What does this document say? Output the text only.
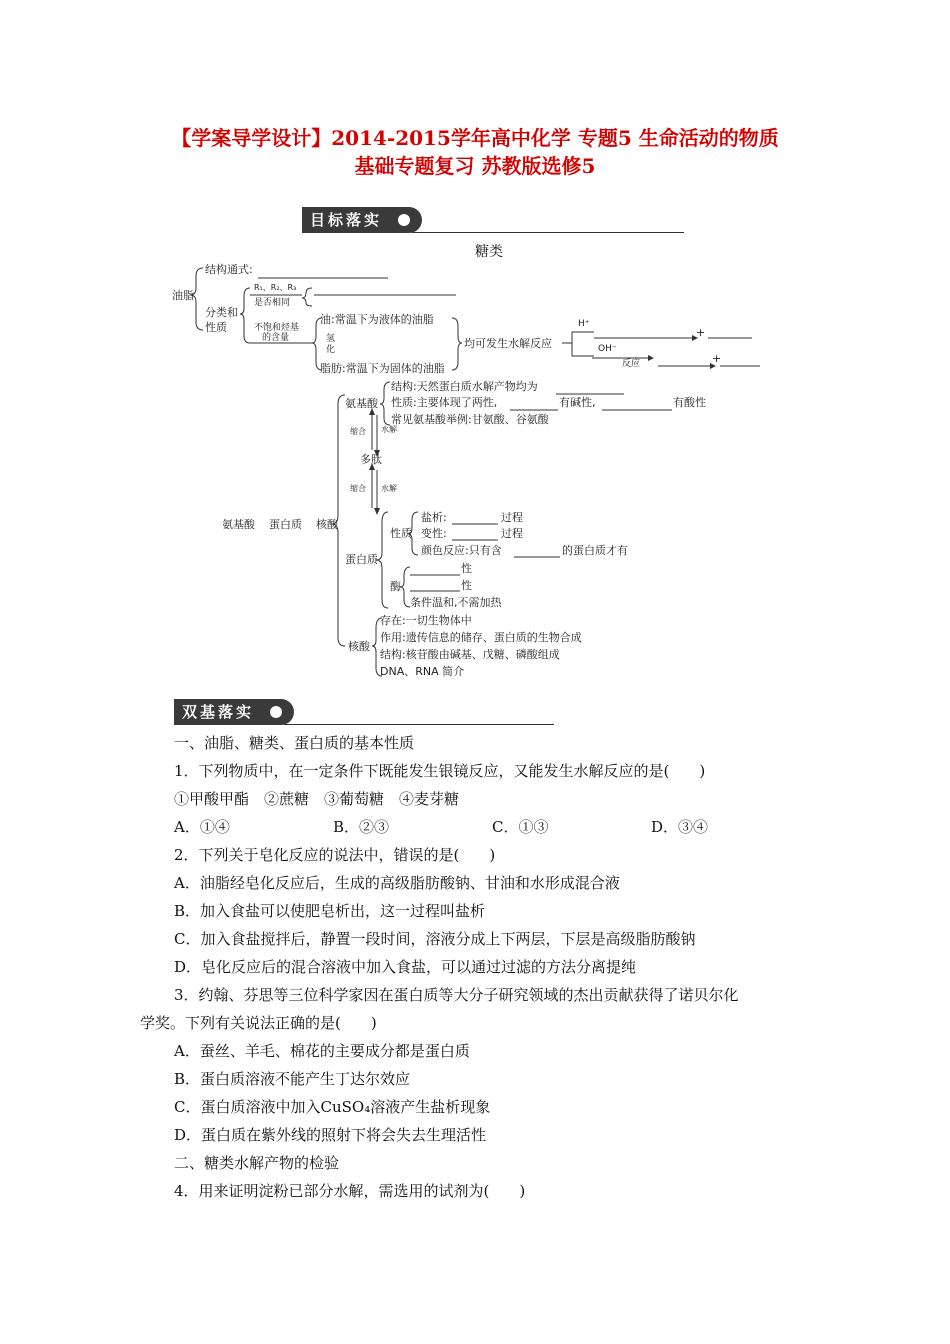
【学案导学设计】2014-2015学年高中化学 专题5 生命活动的物质
基础专题复习 苏教版选修5
目标落实
糖类
油脂
结构通式:
分类和
性质
R₁、R₂、R₃
是否相同
不饱和烃基
的含量
油:常温下为液体的油脂
氢
化
脂肪:常温下为固体的油脂
均可发生水解反应
H⁺
OH⁻
反应
+
+
氨基酸
结构:天然蛋白质水解产物均为
性质:主要体现了两性,	有碱性,	有酸性
常见氨基酸举例:甘氨酸、谷氨酸
缩合 水解
多肽
缩合 水解
氨基酸 蛋白质 核酸
蛋白质
性质
盐析:	过程
变性:	过程
颜色反应:只有含	的蛋白质才有
酶
性
性
条件温和,不需加热
核酸
存在:一切生物体中
作用:遗传信息的储存、蛋白质的生物合成
结构:核苷酸由碱基、戊糖、磷酸组成
DNA、RNA 简介
双基落实
一、油脂、糖类、蛋白质的基本性质
1．下列物质中，在一定条件下既能发生银镜反应，又能发生水解反应的是(　　)
①甲酸甲酯　②蔗糖　③葡萄糖　④麦芽糖
A．①④	B．②③	C．①③	D．③④
2．下列关于皂化反应的说法中，错误的是(　　)
A．油脂经皂化反应后，生成的高级脂肪酸钠、甘油和水形成混合液
B．加入食盐可以使肥皂析出，这一过程叫盐析
C．加入食盐搅拌后，静置一段时间，溶液分成上下两层，下层是高级脂肪酸钠
D．皂化反应后的混合溶液中加入食盐，可以通过过滤的方法分离提纯
3．约翰、芬思等三位科学家因在蛋白质等大分子研究领域的杰出贡献获得了诺贝尔化
学奖。下列有关说法正确的是(　　)
A．蚕丝、羊毛、棉花的主要成分都是蛋白质
B．蛋白质溶液不能产生丁达尔效应
C．蛋白质溶液中加入CuSO₄溶液产生盐析现象
D．蛋白质在紫外线的照射下将会失去生理活性
二、糖类水解产物的检验
4．用来证明淀粉已部分水解，需选用的试剂为(　　)
